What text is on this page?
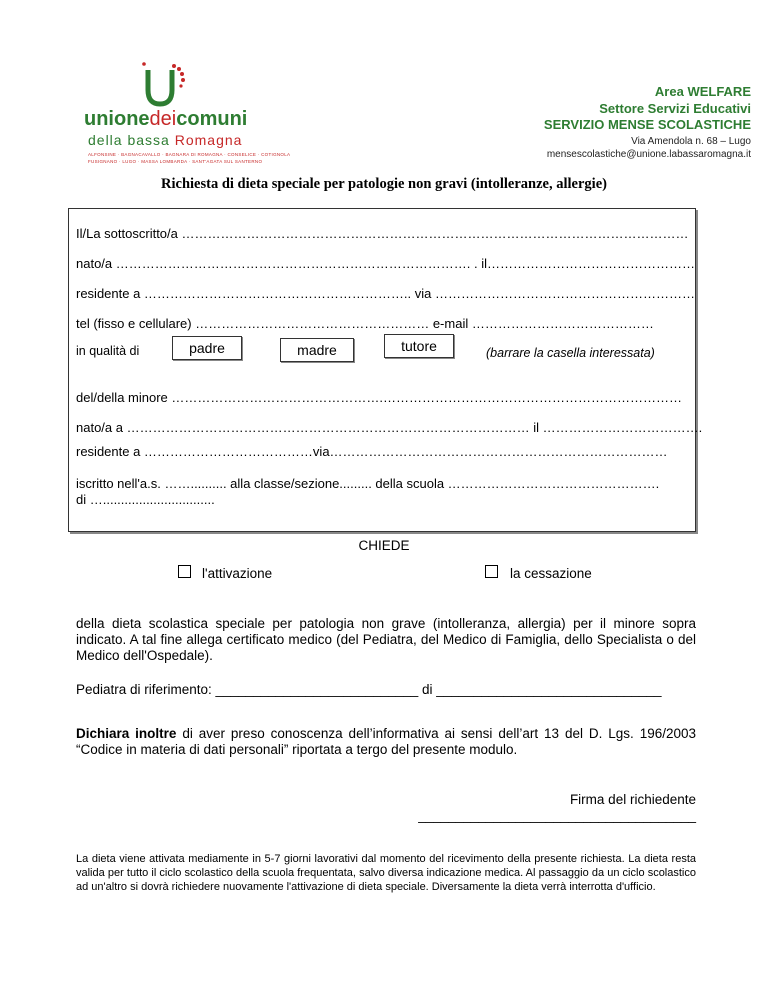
unionedeicomuni
della bassa Romagna
ALFONSINE · BAGNACAVALLO · BAGNARA DI ROMAGNA · CONSELICE · COTIGNOLA
FUSIGNANO · LUGO · MASSA LOMBARDA · SANT'AGATA SUL SANTERNO
Area WELFARE
Settore Servizi Educativi
SERVIZIO MENSE SCOLASTICHE
Via Amendola n. 68 – Lugo
mensescolastiche@unione.labassaromagna.it
Richiesta di dieta speciale per patologie non gravi (intolleranze, allergie)
Il/La sottoscritto/a ………………………………………………………………………………………………………
nato/a ………………………………………………………………………. . il…………………………………………
residente a …………………………………………………….. via ……………………………………………………
tel (fisso e cellulare) ……………………………………………… e-mail ……………………………………
in qualità di	padre	madre	tutore	(barrare la casella interessata)
del/della minore ………………………………………….……………………………………………………………
nato/a a ………………………………………………………………………………… il ……………………………….
residente a …………………………………via……………………………………………………………………
iscritto nell'a.s. …….......... alla classe/sezione......... della scuola ………………………………………….
di …...............................
CHIEDE
l'attivazione	la cessazione
della dieta scolastica speciale per patologia non grave (intolleranza, allergia) per il minore sopra indicato. A tal fine allega certificato medico (del Pediatra, del Medico di Famiglia, dello Specialista o del Medico dell'Ospedale).
Pediatra di riferimento: ___________________________ di ______________________________
Dichiara inoltre di aver preso conoscenza dell’informativa ai sensi dell’art 13 del D. Lgs. 196/2003 “Codice in materia di dati personali” riportata a tergo del presente modulo.
Firma del richiedente
_____________________________________
La dieta viene attivata mediamente in 5-7 giorni lavorativi dal momento del ricevimento della presente richiesta. La dieta resta valida per tutto il ciclo scolastico della scuola frequentata, salvo diversa indicazione medica. Al passaggio da un ciclo scolastico ad un'altro si dovrà richiedere nuovamente l'attivazione di dieta speciale. Diversamente la dieta verrà interrotta d'ufficio.
